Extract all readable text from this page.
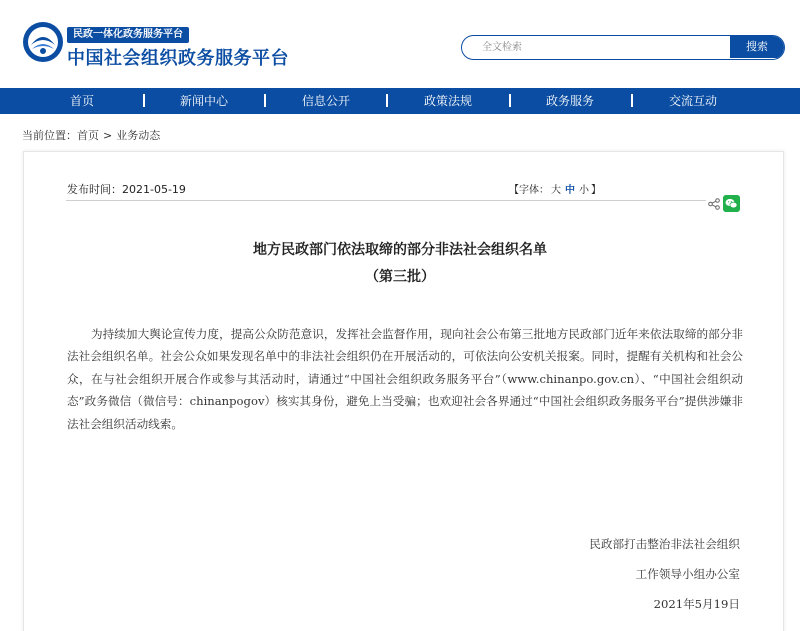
民政一体化政务服务平台
中国社会组织政务服务平台
全文检索
搜索
首页	新闻中心	信息公开	政策法规	政务服务	交流互动
当前位置：首页 > 业务动态
发布时间：2021-05-19	【字体： 大 中 小 】
地方民政部门依法取缔的部分非法社会组织名单
（第三批）
为持续加大舆论宣传力度，提高公众防范意识，发挥社会监督作用，现向社会公布第三批地方民政部门近年来依法取缔的部分非法社会组织名单。社会公众如果发现名单中的非法社会组织仍在开展活动的，可依法向公安机关报案。同时，提醒有关机构和社会公众，在与社会组织开展合作或参与其活动时，请通过“中国社会组织政务服务平台”（www.chinanpo.gov.cn）、“中国社会组织动态”政务微信（微信号：chinanpogov）核实其身份，避免上当受骗；也欢迎社会各界通过“中国社会组织政务服务平台”提供涉嫌非法社会组织活动线索。
民政部打击整治非法社会组织
工作领导小组办公室
2021年5月19日
